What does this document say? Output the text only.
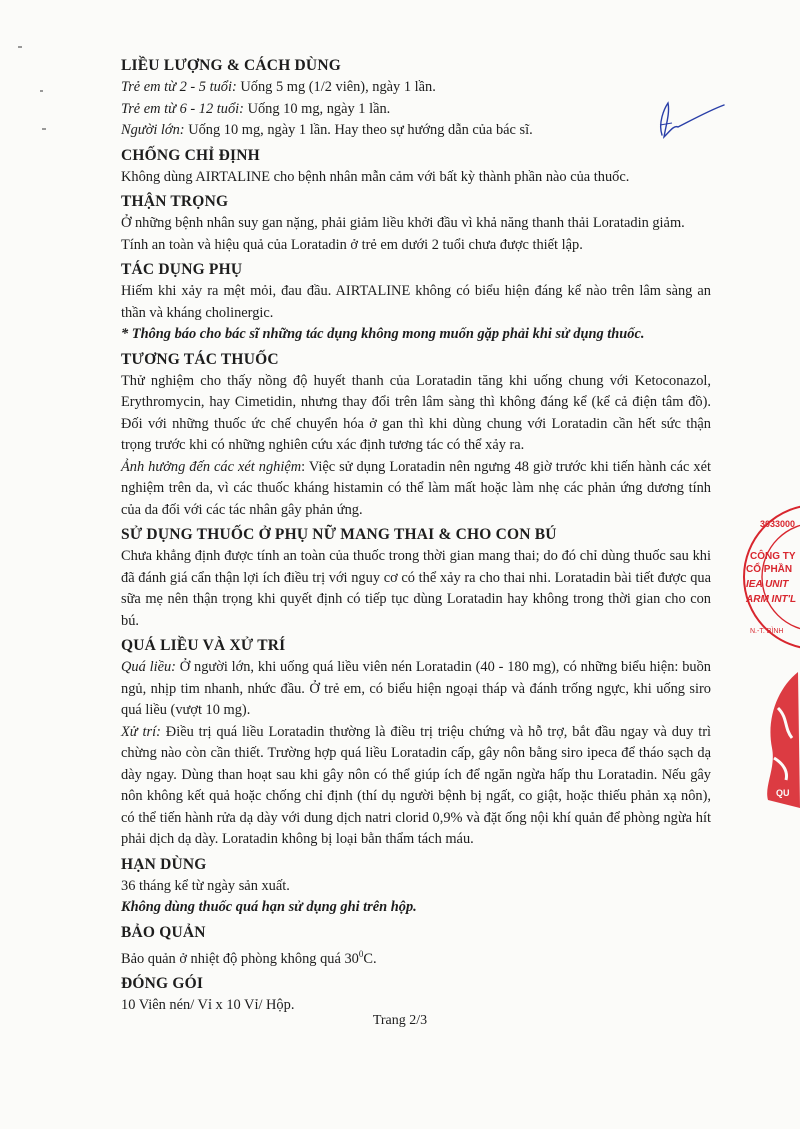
LIỀU LƯỢNG & CÁCH DÙNG

Trẻ em từ 2 - 5 tuổi: Uống 5 mg (1/2 viên), ngày 1 lần.

Trẻ em từ 6 - 12 tuổi: Uống 10 mg, ngày 1 lần.

Người lớn: Uống 10 mg, ngày 1 lần. Hay theo sự hướng dẫn của bác sĩ.

CHỐNG CHỈ ĐỊNH

Không dùng AIRTALINE cho bệnh nhân mẫn cảm với bất kỳ thành phần nào của thuốc.

THẬN TRỌNG

Ở những bệnh nhân suy gan nặng, phải giảm liều khởi đầu vì khả năng thanh thải Loratadin giảm.

Tính an toàn và hiệu quả của Loratadin ở trẻ em dưới 2 tuổi chưa được thiết lập.

TÁC DỤNG PHỤ

Hiếm khi xảy ra mệt mỏi, đau đầu. AIRTALINE không có biểu hiện đáng kể nào trên lâm sàng an thần và kháng cholinergic.

* Thông báo cho bác sĩ những tác dụng không mong muốn gặp phải khi sử dụng thuốc.

TƯƠNG TÁC THUỐC

Thử nghiệm cho thấy nồng độ huyết thanh của Loratadin tăng khi uống chung với Ketoconazol, Erythromycin, hay Cimetidin, nhưng thay đổi trên lâm sàng thì không đáng kể (kể cả điện tâm đồ). Đối với những thuốc ức chế chuyển hóa ở gan thì khi dùng chung với Loratadin cần hết sức thận trọng trước khi có những nghiên cứu xác định tương tác có thể xảy ra.

Ảnh hưởng đến các xét nghiệm: Việc sử dụng Loratadin nên ngưng 48 giờ trước khi tiến hành các xét nghiệm trên da, vì các thuốc kháng histamin có thể làm mất hoặc làm nhẹ các phản ứng dương tính của da đối với các tác nhân gây phản ứng.

SỬ DỤNG THUỐC Ở PHỤ NỮ MANG THAI & CHO CON BÚ

Chưa khẳng định được tính an toàn của thuốc trong thời gian mang thai; do đó chỉ dùng thuốc sau khi đã đánh giá cẩn thận lợi ích điều trị với nguy cơ có thể xảy ra cho thai nhi. Loratadin bài tiết được qua sữa mẹ nên thận trọng khi quyết định có tiếp tục dùng Loratadin hay không trong thời gian cho con bú.

QUÁ LIỀU VÀ XỬ TRÍ

Quá liều: Ở người lớn, khi uống quá liều viên nén Loratadin (40 - 180 mg), có những biểu hiện: buồn ngủ, nhịp tim nhanh, nhức đầu. Ở trẻ em, có biểu hiện ngoại tháp và đánh trống ngực, khi uống siro quá liều (vượt 10 mg).

Xử trí: Điều trị quá liều Loratadin thường là điều trị triệu chứng và hỗ trợ, bắt đầu ngay và duy trì chừng nào còn cần thiết. Trường hợp quá liều Loratadin cấp, gây nôn bằng siro ipeca để tháo sạch dạ dày ngay. Dùng than hoạt sau khi gây nôn có thể giúp ích để ngăn ngừa hấp thu Loratadin. Nếu gây nôn không kết quả hoặc chống chỉ định (thí dụ người bệnh bị ngất, co giật, hoặc thiếu phản xạ nôn), có thể tiến hành rửa dạ dày với dung dịch natri clorid 0,9% và đặt ống nội khí quản để phòng ngừa hít phải dịch dạ dày. Loratadin không bị loại bằn thẩm tách máu.

HẠN DÙNG

36 tháng kể từ ngày sản xuất.

Không dùng thuốc quá hạn sử dụng ghi trên hộp.

BẢO QUẢN

Bảo quản ở nhiệt độ phòng không quá $30^0C$.

ĐÓNG GÓI

10 Viên nén/ Vỉ x 10 Vỉ/ Hộp.

Trang 2/3
3033000
CÔNG TY
CỔ PHẦN
IEA UNIT
ARM INT'L
N.-T. BÌNH
QU
